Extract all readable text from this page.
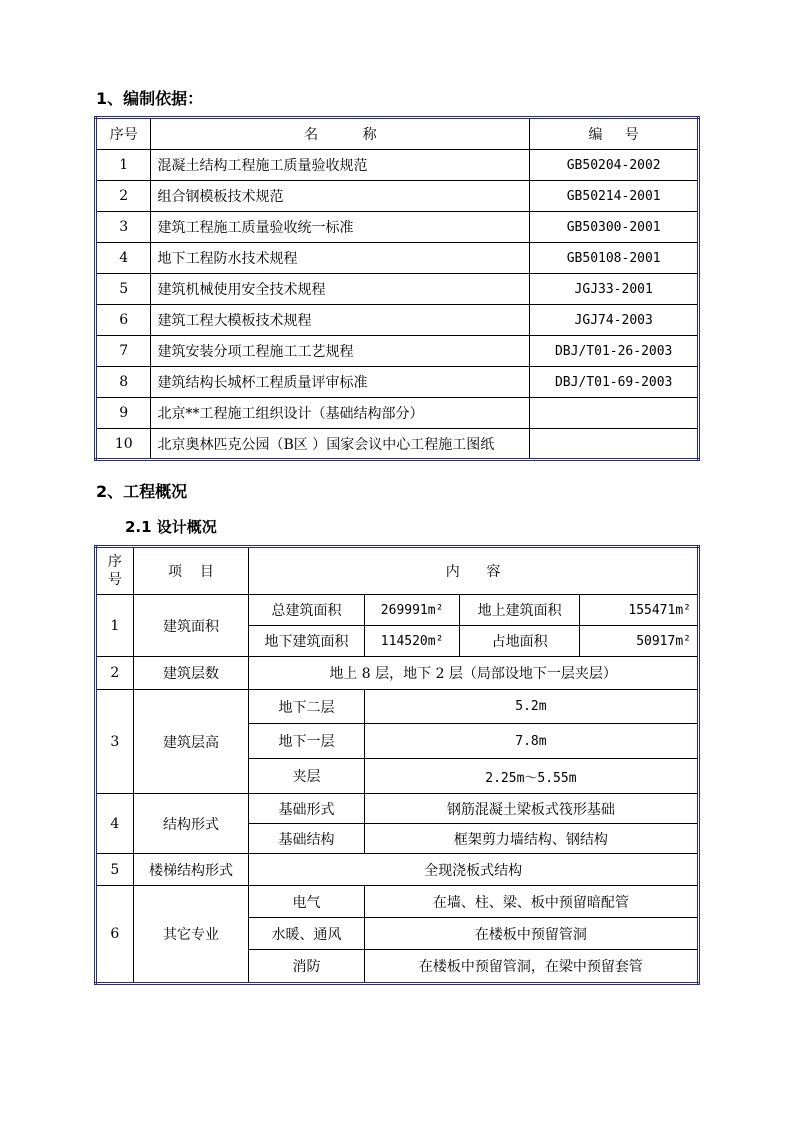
1、编制依据：
序号	名          称	编     号
1	混凝土结构工程施工质量验收规范	GB50204-2002
2	组合钢模板技术规范	GB50214-2001
3	建筑工程施工质量验收统一标准	GB50300-2001
4	地下工程防水技术规程	GB50108-2001
5	建筑机械使用安全技术规程	JGJ33-2001
6	建筑工程大模板技术规程	JGJ74-2003
7	建筑安装分项工程施工工艺规程	DBJ/T01-26-2003
8	建筑结构长城杯工程质量评审标准	DBJ/T01-69-2003
9	北京**工程施工组织设计（基础结构部分）	
10	北京奥林匹克公园（B区 ）国家会议中心工程施工图纸	
2、工程概况
2.1 设计概况
序
号	项    目	内      容			
1	建筑面积	总建筑面积	269991m²	地上建筑面积	155471m²
		地下建筑面积	114520m²	占地面积	50917m²
2	建筑层数	地上 8 层，地下 2 层（局部设地下一层夹层）			
3	建筑层高	地下二层	5.2m		
		地下一层	7.8m		
		夹层	2.25m～5.55m		
4	结构形式	基础形式	钢筋混凝土梁板式筏形基础		
		基础结构	框架剪力墙结构、钢结构		
5	楼梯结构形式	全现浇板式结构			
6	其它专业	电气	在墙、柱、梁、板中预留暗配管		
		水暖、通风	在楼板中预留管洞		
		消防	在楼板中预留管洞，在梁中预留套管		
